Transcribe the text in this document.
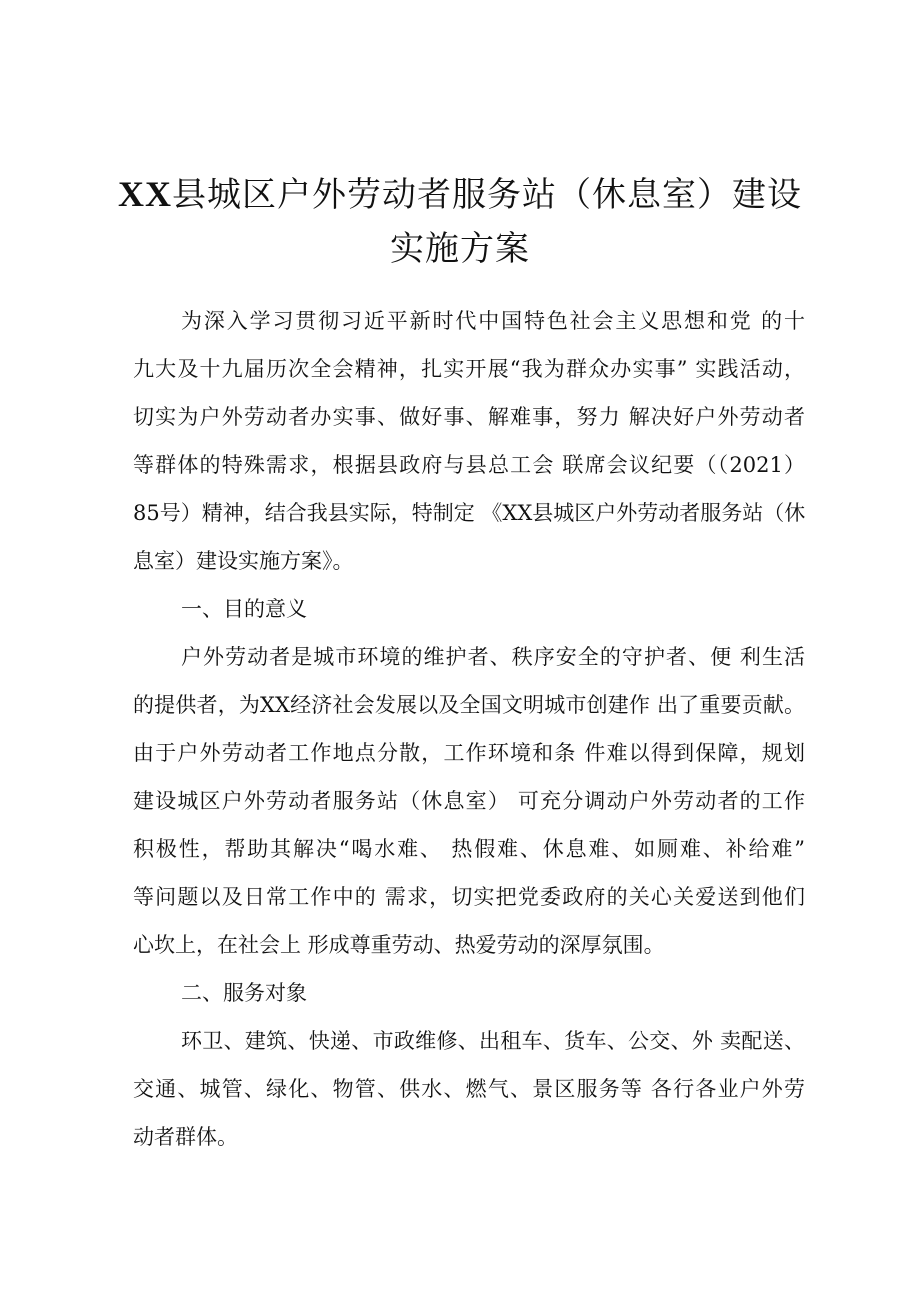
XX县城区户外劳动者服务站（休息室）建设
实施方案
为深入学习贯彻习近平新时代中国特色社会主义思想和党 的十
九大及十九届历次全会精神，扎实开展“我为群众办实事” 实践活动，
切实为户外劳动者办实事、做好事、解难事，努力 解决好户外劳动者
等群体的特殊需求，根据县政府与县总工会 联席会议纪要（（2021）
85号）精神，结合我县实际，特制定 《XX县城区户外劳动者服务站（休
息室）建设实施方案》。
一、目的意义
户外劳动者是城市环境的维护者、秩序安全的守护者、便 利生活
的提供者，为XX经济社会发展以及全国文明城市创建作 出了重要贡献。
由于户外劳动者工作地点分散，工作环境和条 件难以得到保障，规划
建设城区户外劳动者服务站（休息室） 可充分调动户外劳动者的工作
积极性，帮助其解决“喝水难、 热假难、休息难、如厕难、补给难”
等问题以及日常工作中的 需求，切实把党委政府的关心关爱送到他们
心坎上，在社会上 形成尊重劳动、热爱劳动的深厚氛围。
二、服务对象
环卫、建筑、快递、市政维修、出租车、货车、公交、外 卖配送、
交通、城管、绿化、物管、供水、燃气、景区服务等 各行各业户外劳
动者群体。
